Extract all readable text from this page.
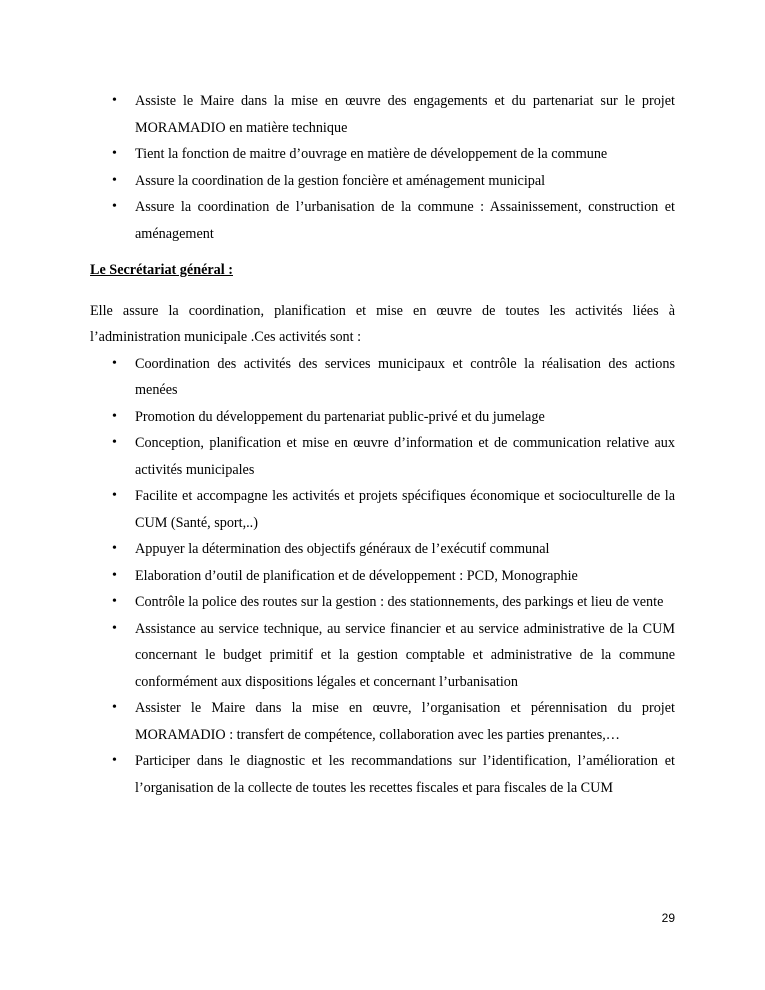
• Assiste le Maire dans la mise en œuvre des engagements et du partenariat sur le projet MORAMADIO en matière technique
• Tient la fonction de maitre d’ouvrage en matière de développement de la commune
• Assure la coordination de la gestion foncière et aménagement municipal
• Assure la coordination de l’urbanisation de la commune : Assainissement, construction et aménagement
Le Secrétariat général :
Elle assure la coordination, planification et mise en œuvre de toutes les activités liées à l’administration municipale .Ces activités sont :
• Coordination des activités des services municipaux et contrôle la réalisation des actions menées
• Promotion du développement du partenariat public-privé et du jumelage
• Conception, planification et mise en œuvre d’information et de communication relative aux activités municipales
• Facilite et accompagne les activités et projets spécifiques économique et socioculturelle de la CUM (Santé, sport,..)
• Appuyer la détermination des objectifs généraux de l’exécutif communal
• Elaboration d’outil de planification et de développement : PCD, Monographie
• Contrôle la police des routes sur la gestion : des stationnements, des parkings et lieu de vente
• Assistance au service technique, au service financier et au service administrative de la CUM concernant le budget primitif et la gestion comptable et administrative de la commune conformément aux dispositions légales et concernant l’urbanisation
• Assister le Maire dans la mise en œuvre, l’organisation et pérennisation du projet MORAMADIO : transfert de compétence, collaboration avec les parties prenantes,…
• Participer dans le diagnostic et les recommandations sur l’identification, l’amélioration et l’organisation de la collecte de toutes les recettes fiscales et para fiscales de la CUM
29
